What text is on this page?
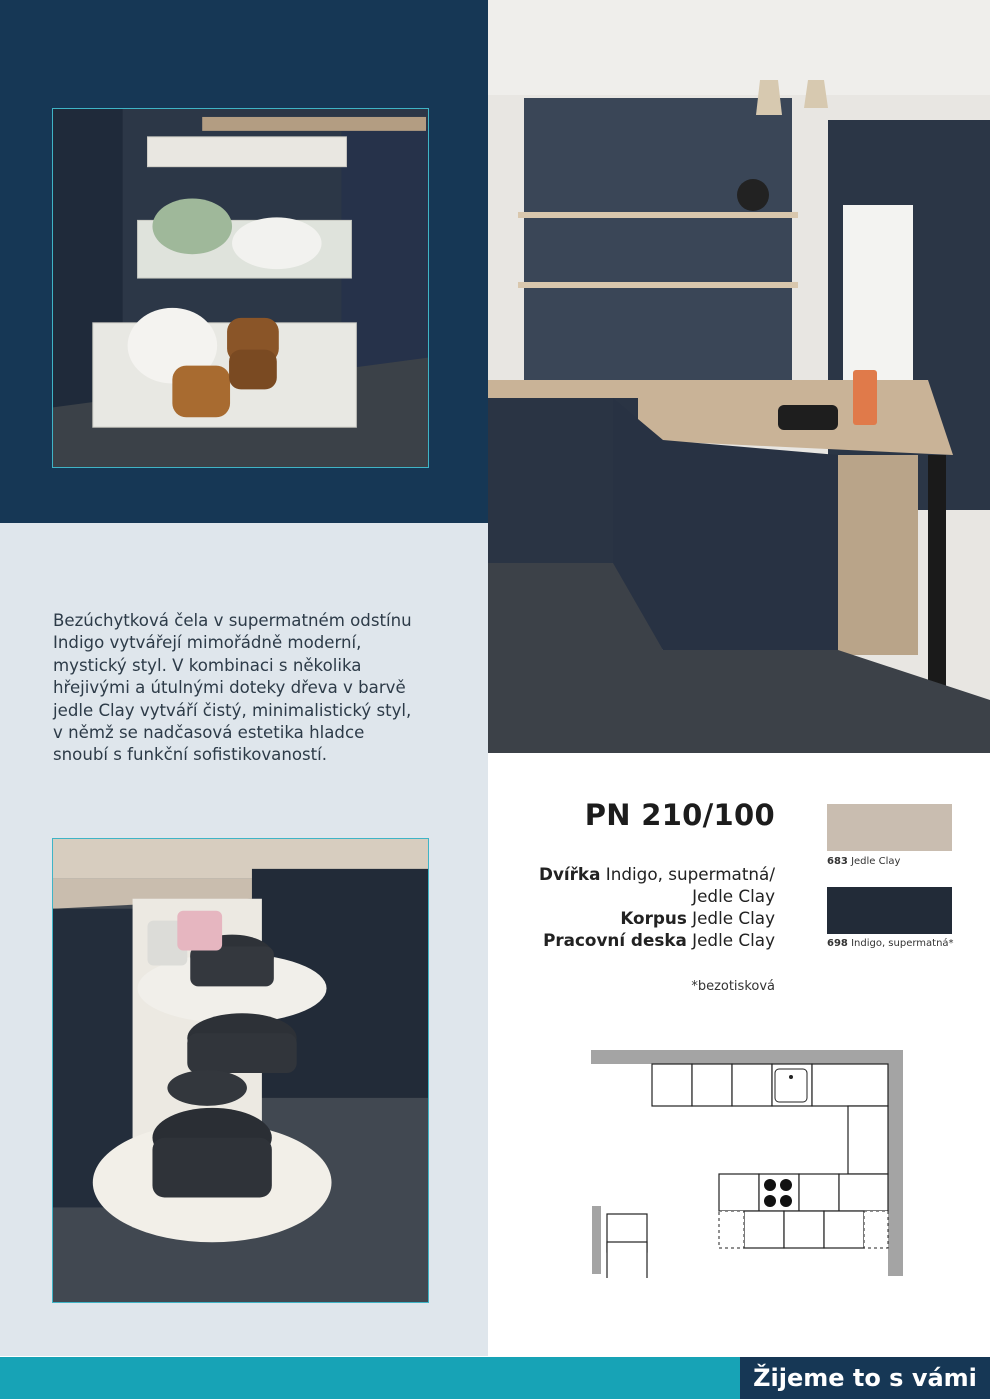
Bezúchytková čela v supermatném odstínu Indigo vytvářejí mimořádně moderní, mystický styl. V kombinaci s několika hřejivými a útulnými doteky dřeva v barvě jedle Clay vytváří čistý, minimalistický styl, v němž se nadčasová estetika hladce snoubí s funkční sofistikovaností.
PN 210/100
Dvířka Indigo, supermatná/
Jedle Clay
Korpus Jedle Clay
Pracovní deska Jedle Clay
*bezotisková
683 Jedle Clay
698 Indigo, supermatná*
Žijeme to s vámi
